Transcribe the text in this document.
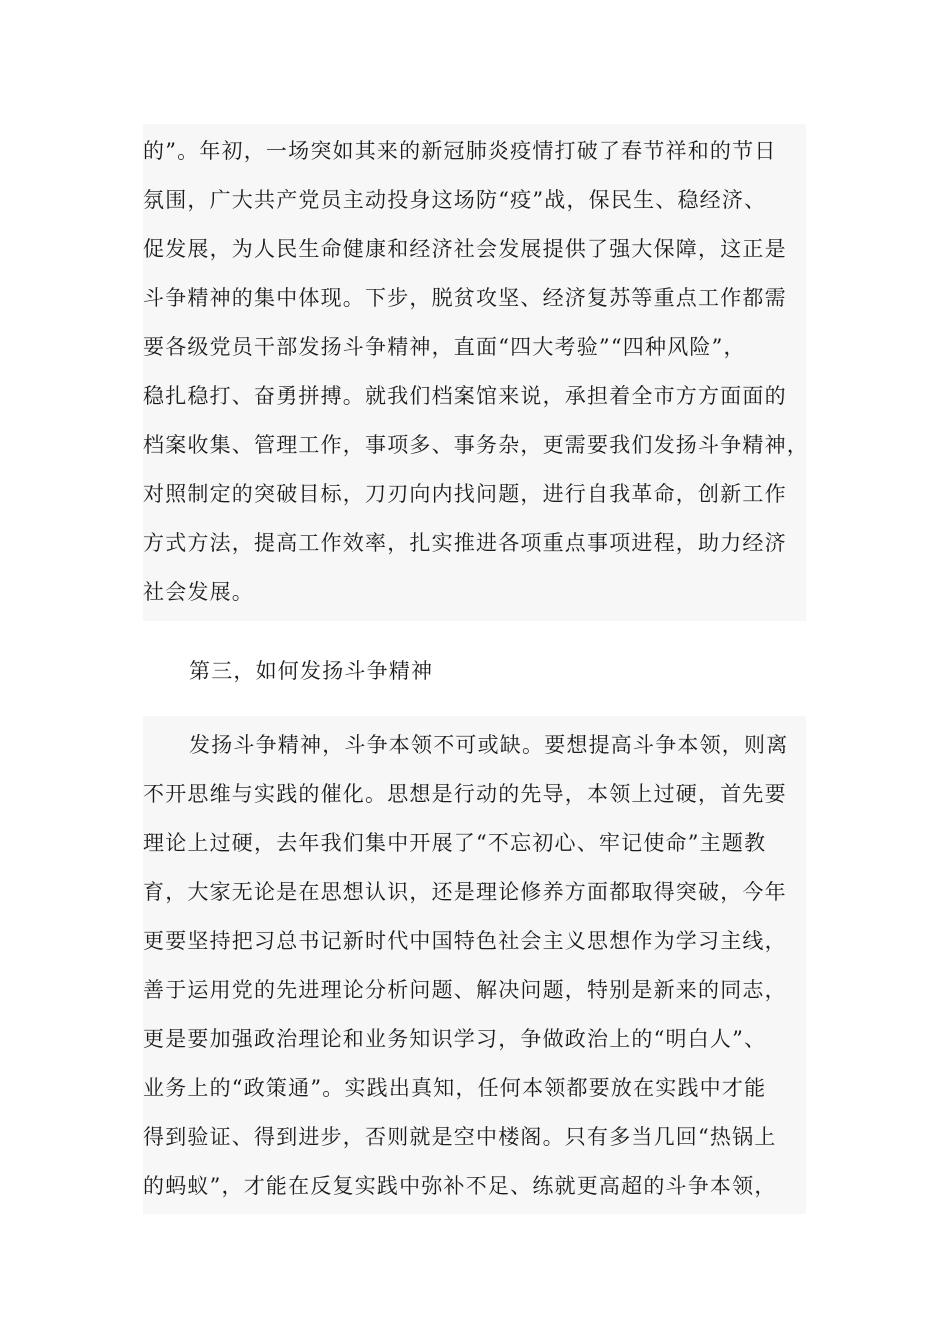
的”。年初，一场突如其来的新冠肺炎疫情打破了春节祥和的节日
氛围，广大共产党员主动投身这场防“疫”战，保民生、稳经济、
促发展，为人民生命健康和经济社会发展提供了强大保障，这正是
斗争精神的集中体现。下步，脱贫攻坚、经济复苏等重点工作都需
要各级党员干部发扬斗争精神，直面“四大考验”“四种风险”，
稳扎稳打、奋勇拼搏。就我们档案馆来说，承担着全市方方面面的
档案收集、管理工作，事项多、事务杂，更需要我们发扬斗争精神，
对照制定的突破目标，刀刃向内找问题，进行自我革命，创新工作
方式方法，提高工作效率，扎实推进各项重点事项进程，助力经济
社会发展。
第三，如何发扬斗争精神
发扬斗争精神，斗争本领不可或缺。要想提高斗争本领，则离
不开思维与实践的催化。思想是行动的先导，本领上过硬，首先要
理论上过硬，去年我们集中开展了“不忘初心、牢记使命”主题教
育，大家无论是在思想认识，还是理论修养方面都取得突破，今年
更要坚持把习总书记新时代中国特色社会主义思想作为学习主线，
善于运用党的先进理论分析问题、解决问题，特别是新来的同志，
更是要加强政治理论和业务知识学习，争做政治上的“明白人”、
业务上的“政策通”。实践出真知，任何本领都要放在实践中才能
得到验证、得到进步，否则就是空中楼阁。只有多当几回“热锅上
的蚂蚁”，才能在反复实践中弥补不足、练就更高超的斗争本领，
